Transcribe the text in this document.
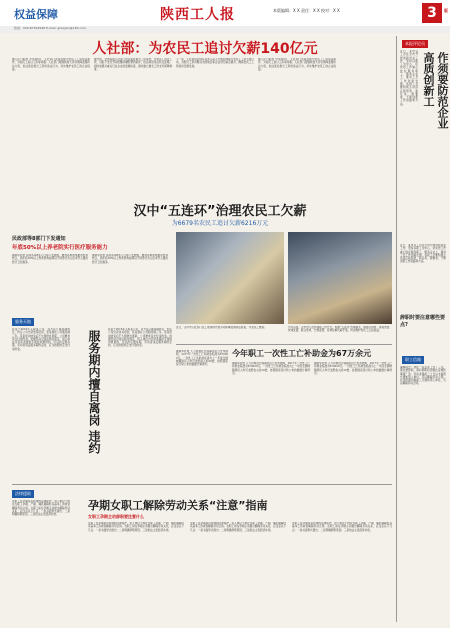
权益保障	陕西工人报	本版编辑：X X 责任：X X 校对：X X	3	版
热线：029-87344546 E-mail: grbqybx@163.com
人社部：为农民工追讨欠薪140亿元
据人民日报电 今年前5月，人社部门共查处拖欠农民工工资违法案件，为农民工追讨工资等待遇。人社部门将继续加大劳动保障监察执法力度，依法查处拖欠工资的违法行为，切实维护农民工的合法权益。
据介绍，全国各级人社部门依法查处拖欠工资案件，为农民工追讨工资，对拒不支付劳动报酬涉嫌犯罪的案件，依法移送司法机关处理。同时加强对重点行业企业的监督检查，推动建立健全工资支付保障制度。
下一步，人社部将会同有关部门深入开展治理拖欠农民工工资专项行动，对拖欠工资问题突出的地区和企业进行重点督办，确保农民工工资按时足额发放。
据人民日报电 今年前5月，人社部门共查处拖欠农民工工资违法案件，为农民工追讨工资等待遇。人社部门将继续加大劳动保障监察执法力度，依法查处拖欠工资的违法行为，切实维护农民工的合法权益。
汉中“五连环”治理农民工欠薪
为6679名农民工追讨欠薪6216万元
民政部等8部门下发通知
年底50%以上养老院实行医疗服务能力
据新华社电 民政部等8部门日前下发通知，要求各地加快推进医养结合，到年底50%以上养老机构能够以不同形式为入住老年人提供医疗卫生服务。
据新华社电 民政部等8部门日前下发通知，要求各地加快推进医养结合，到年底50%以上养老机构能够以不同形式为入住老年人提供医疗卫生服务。
近日，汉中市人社部门在工地现场开展劳动保障监察执法检查，为农民工维权。	今年以来，汉中市人社局创新工作方式，构建“五连环”治理模式，即源头预防、排查预警、快速处置、联合惩戒、长效监管，有效化解欠薪矛盾，切实维护农民工合法权益。
服务天地
张某于2016年入职某公司，双方签订服务期协议，约定公司出资送其培训，张某须在公司服务满三年。张某培训结束后不久即擅自离职，公司要求其支付违约金。依据劳动合同法相关规定，用人单位为劳动者提供专项培训费用的，可以约定服务期，劳动者违反服务期约定的，应当按照约定支付违约金。	服务期内擅自离岗 违约
张某于2016年入职某公司，双方签订服务期协议，约定公司出资送其培训，张某须在公司服务满三年。张某培训结束后不久即擅自离职，公司要求其支付违约金。依据劳动合同法相关规定，用人单位为劳动者提供专项培训费用的，可以约定服务期，劳动者违反服务期约定的，应当按照约定支付违约金。
据新华社电 人力资源社会保障部近日发布通知，2017年一次性工亡补助金标准为670020元。一次性工亡补助金标准为上一年度全国城镇居民人均可支配收入的20倍，按照国家统计局公布的数据计算得出。
今年职工一次性工亡补助金为67万余元
据新华社电 人力资源社会保障部近日发布通知，2017年一次性工亡补助金标准为670020元。一次性工亡补助金标准为上一年度全国城镇居民人均可支配收入的20倍，按照国家统计局公布的数据计算得出。
据新华社电 人力资源社会保障部近日发布通知，2017年一次性工亡补助金标准为670020元。一次性工亡补助金标准为上一年度全国城镇居民人均可支配收入的20倍，按照国家统计局公布的数据计算得出。
法律援助
女职工在孕期享有特殊的法律保护，用人单位不得在女职工孕期、产期、哺乳期降低其基本工资或者解除劳动合同。女职工如在孕期主动提出解除劳动关系，应注意以下几点：一是书面形式提出；二是明确辞职原因；三是依法主张经济补偿。
孕期女职工解除劳动关系“注意”指南
女职工孕期主动辞职要注意什么
女职工在孕期享有特殊的法律保护，用人单位不得在女职工孕期、产期、哺乳期降低其基本工资或者解除劳动合同。女职工如在孕期主动提出解除劳动关系，应注意以下几点：一是书面形式提出；二是明确辞职原因；三是依法主张经济补偿。
女职工在孕期享有特殊的法律保护，用人单位不得在女职工孕期、产期、哺乳期降低其基本工资或者解除劳动合同。女职工如在孕期主动提出解除劳动关系，应注意以下几点：一是书面形式提出；二是明确辞职原因；三是依法主张经济补偿。
女职工在孕期享有特殊的法律保护，用人单位不得在女职工孕期、产期、哺乳期降低其基本工资或者解除劳动合同。女职工如在孕期主动提出解除劳动关系，应注意以下几点：一是书面形式提出；二是明确辞职原因；三是依法主张经济补偿。
本报评论员
近日，某市总工会在全市开展创新创业工作，坚持以职工为中心，切实把工作重心放在服务职工、服务企业上，推动工会工作创新发展。各级工会要积极主动适应新形势、新任务、新要求，不断创新工作思路和方法。	高质创新工 作须要防范企业
近日，某市总工会在全市开展创新创业工作，坚持以职工为中心，切实把工作重心放在服务职工、服务企业上，推动工会工作创新发展。各级工会要积极主动适应新形势、新任务、新要求，不断创新工作思路和方法。
辞职时要注意哪些要点?
职工信箱
编辑同志：我在一家企业工作了三年，现在想辞职，请问辞职时需要注意哪些事项？答：劳动者提前三十日以书面形式通知用人单位，可以解除劳动合同。在试用期内提前三日通知用人单位，可以解除劳动合同。
